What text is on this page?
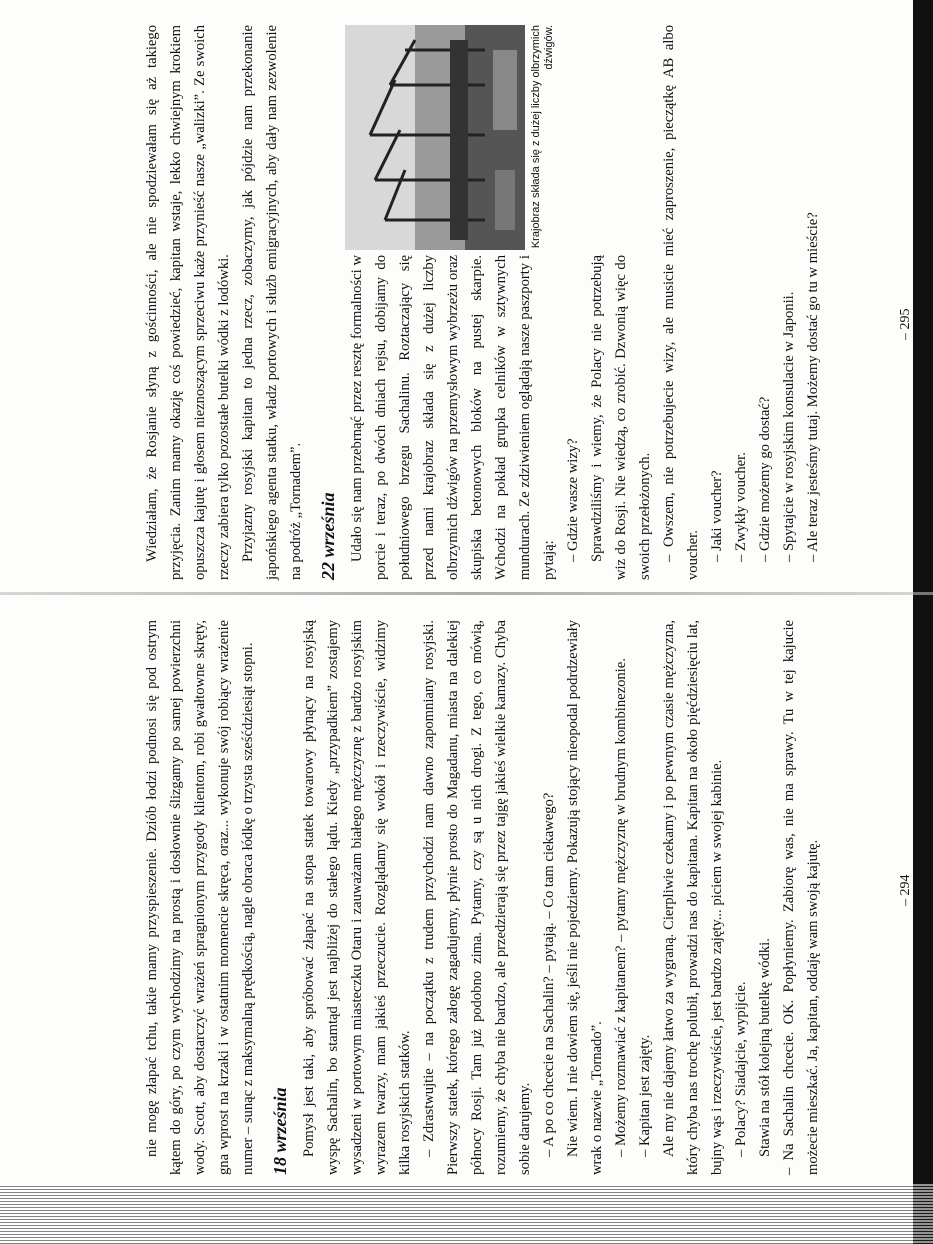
nie mogę złapać tchu, takie mamy przyspieszenie. Dziób łodzi podnosi się pod ostrym kątem do góry, po czym wychodzimy na prostą i dosłownie ślizgamy po samej powierzchni wody. Scott, aby dostarczyć wrażeń spragnionym przygody klientom, robi gwałtowne skręty, gna wprost na krzaki i w ostatnim momencie skręca, oraz... wykonuje swój robiący wrażenie numer – sunąc z maksymalną prędkością, nagle obraca łódkę o trzysta sześćdziesiąt stopni. 18 września Pomysł jest taki, aby spróbować złapać na stopa statek towarowy płynący na rosyjską wyspę Sachalin, bo stamtąd jest najbliżej do stałego lądu. Kiedy „przypadkiem” zostajemy wysadzeni w portowym miasteczku Otaru i zauważam białego mężczyznę z bardzo rosyjskim wyrazem twarzy, mam jakieś przeczucie. Rozglądamy się wokół i rzeczywiście, widzimy kilka rosyjskich statków. – Zdrastwujtie – na początku z trudem przychodzi nam dawno zapomniany rosyjski. Pierwszy statek, którego załogę zagadujemy, płynie prosto do Magadanu, miasta na dalekiej północy Rosji. Tam już podobno zima. Pytamy, czy są u nich drogi. Z tego, co mówią, rozumiemy, że chyba nie bardzo, ale przedzierają się przez tajgę jakieś wielkie kamazy. Chyba sobie darujemy. – A po co chcecie na Sachalin? – pytają. – Co tam ciekawego? Nie wiem. I nie dowiem się, jeśli nie pojedziemy. Pokazują stojący nieopodal podrdzewiały wrak o nazwie „Tornado”. – Możemy rozmawiać z kapitanem? – pytamy mężczyznę w brudnym kombinezonie. – Kapitan jest zajęty. Ale my nie dajemy łatwo za wygraną. Cierpliwie czekamy i po pewnym czasie mężczyzna, który chyba nas trochę polubił, prowadzi nas do kapitana. Kapitan na około pięćdziesięciu lat, bujny wąs i rzeczywiście, jest bardzo zajęty... piciem w swojej kabinie. – Polacy? Siadajcie, wypijcie. Stawia na stół kolejną butelkę wódki. – Na Sachalin chcecie. OK. Popłyniemy. Zabiorę was, nie ma sprawy. Tu w tej kajucie możecie mieszkać. Ja, kapitan, oddaję wam swoją kajutę.	– 294 –

Wiedziałam, że Rosjanie słyną z gościnności, ale nie spodziewałam się aż takiego przyjęcia. Zanim mamy okazję coś powiedzieć, kapitan wstaje, lekko chwiejnym krokiem opuszcza kajutę i głosem nieznoszącym sprzeciwu każe przynieść nasze „walizki”. Ze swoich rzeczy zabiera tylko pozostałe butelki wódki z lodówki. Przyjazny rosyjski kapitan to jedna rzecz, zobaczymy, jak pójdzie nam przekonanie japońskiego agenta statku, władz portowych i służb emigracyjnych, aby dały nam zezwolenie na podróż „Tornadem”. 22 września Udało się nam przebrnąć przez resztę formalności w porcie i teraz, po dwóch dniach rejsu, dobijamy do południowego brzegu Sachalinu. Roztaczający się przed nami krajobraz składa się z dużej liczby olbrzymich dźwigów na przemysłowym wybrzeżu oraz skupiska betonowych bloków na pustej skarpie. Wchodzi na pokład grupka celników w sztywnych mundurach. Ze zdziwieniem oglądają nasze paszporty i pytają: – Gdzie wasze wizy? Sprawdziliśmy i wiemy, że Polacy nie potrzebują wiz do Rosji. Nie wiedzą, co zrobić. Dzwonią więc do swoich przełożonych.

Krajobraz składa się z dużej liczby olbrzymich dźwigów.	– Owszem, nie potrzebujecie wizy, ale musicie mieć zaproszenie, pieczątkę AB albo voucher. – Jaki voucher? – Zwykły voucher. – Gdzie możemy go dostać? – Spytajcie w rosyjskim konsulacie w Japonii. – Ale teraz jesteśmy tutaj. Możemy dostać go tu w mieście?	– 295 –
